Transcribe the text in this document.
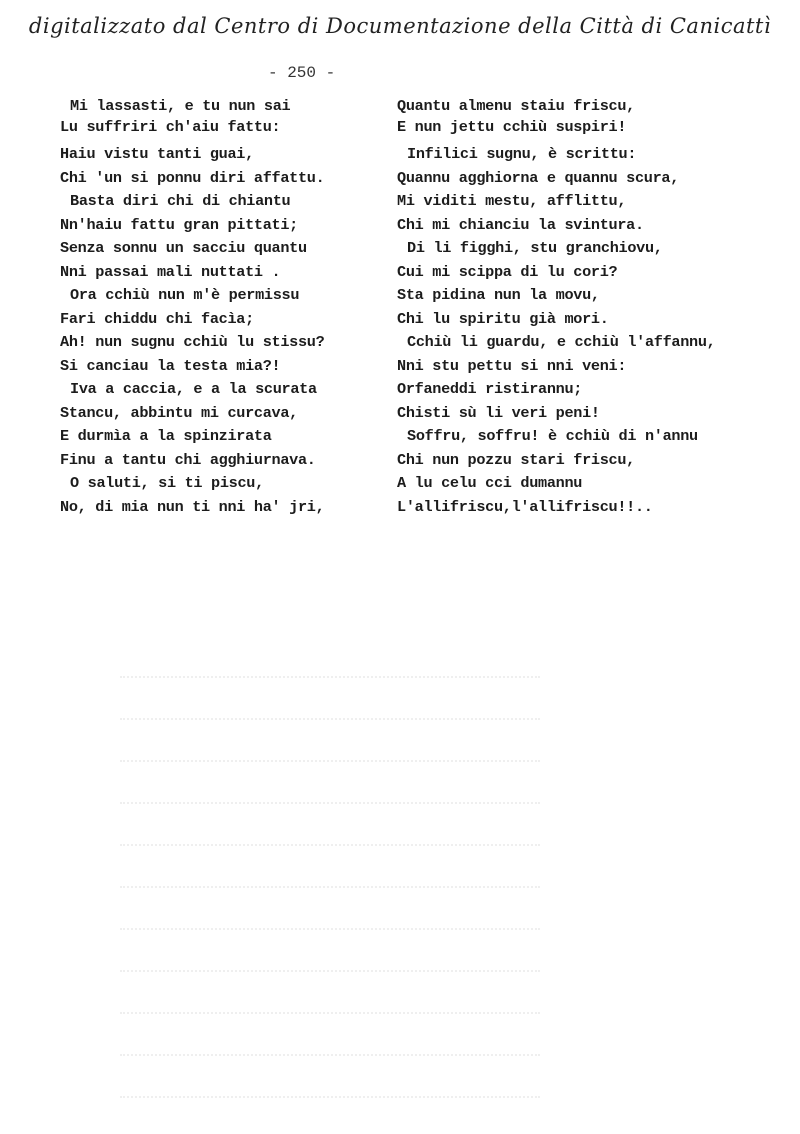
digitalizzato dal Centro di Documentazione della Città di Canicattì
- 250 -
Mi lassasti, e tu nun sai
Lu suffriri ch'aiu fattu:
Haiu vistu tanti guai,
Chi 'un si ponnu diri affattu.
Basta diri chi di chiantu
Nn'haiu fattu gran pittati;
Senza sonnu un sacciu quantu
Nni passai mali nuttati .
Ora cchiù nun m'è permissu
Fari chiddu chi facìa;
Ah! nun sugnu cchiù lu stissu?
Si canciau la testa mia?!
Iva a caccia, e a la scurata
Stancu, abbintu mi curcava,
E durmìa a la spinzirata
Finu a tantu chi agghiurnava.
O saluti, si ti piscu,
No, di mia nun ti nni ha' jri,
Quantu almenu staiu friscu,
E nun jettu cchiù suspiri!
Infilici sugnu, è scrittu:
Quannu agghiorna e quannu scura,
Mi viditi mestu, afflittu,
Chi mi chianciu la svintura.
Di li figghi, stu granchiovu,
Cui mi scippa di lu cori?
Sta pidina nun la movu,
Chi lu spiritu già mori.
Cchiù li guardu, e cchiù l'affannu,
Nni stu pettu si nni veni:
Orfaneddi ristirannu;
Chisti sù li veri peni!
Soffru, soffru! è cchiù di n'annu
Chi nun pozzu stari friscu,
A lu celu cci dumannu
L'allifriscu,l'allifriscu!!..
